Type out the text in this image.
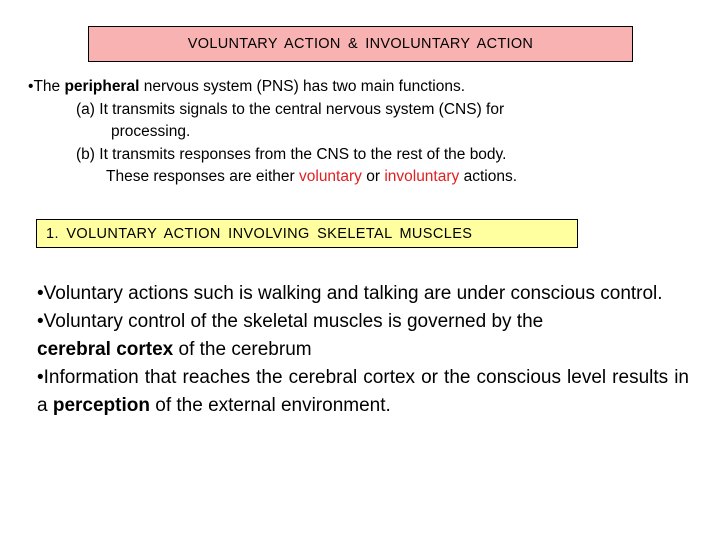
VOLUNTARY ACTION & INVOLUNTARY ACTION
•The peripheral nervous system (PNS) has two main functions.
(a) It transmits signals to the central nervous system (CNS) for
processing.
(b) It transmits responses from the CNS to the rest of the body.
These responses are either voluntary or involuntary actions.
1. VOLUNTARY ACTION INVOLVING SKELETAL MUSCLES

•Voluntary actions such is walking and talking are under conscious control.

•Voluntary control of the skeletal muscles is governed by the
cerebral cortex of the cerebrum

•Information that reaches the cerebral cortex or the conscious level results in a perception of the external environment.
